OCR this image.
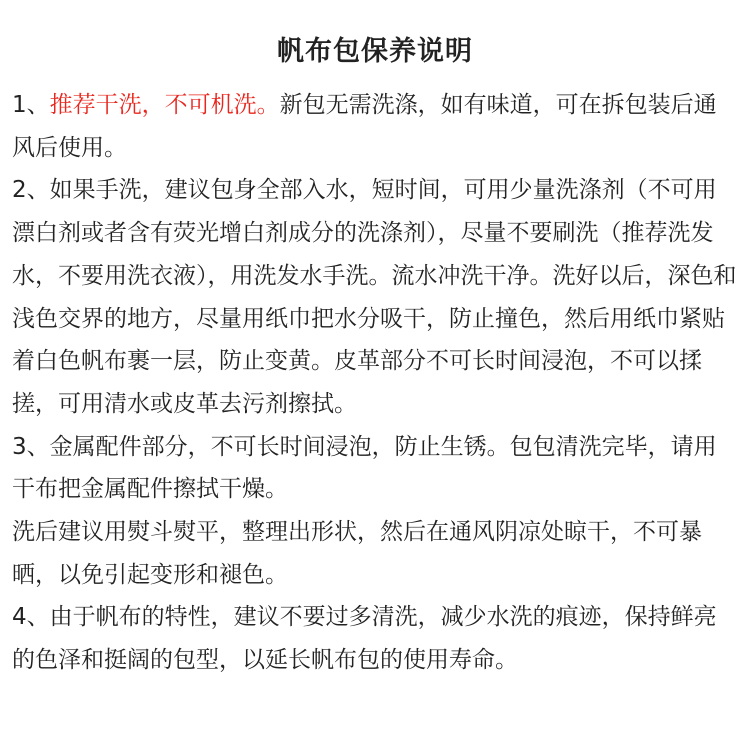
帆布包保养说明

1、推荐干洗，不可机洗。新包无需洗涤，如有味道，可在拆包装后通风后使用。

2、如果手洗，建议包身全部入水，短时间，可用少量洗涤剂（不可用漂白剂或者含有荧光增白剂成分的洗涤剂），尽量不要刷洗（推荐洗发水，不要用洗衣液），用洗发水手洗。流水冲洗干净。洗好以后，深色和浅色交界的地方，尽量用纸巾把水分吸干，防止撞色，然后用纸巾紧贴着白色帆布裹一层，防止变黄。皮革部分不可长时间浸泡，不可以揉搓，可用清水或皮革去污剂擦拭。

3、金属配件部分，不可长时间浸泡，防止生锈。包包清洗完毕，请用干布把金属配件擦拭干燥。

洗后建议用熨斗熨平，整理出形状，然后在通风阴凉处晾干，不可暴晒，以免引起变形和褪色。

4、由于帆布的特性，建议不要过多清洗，减少水洗的痕迹，保持鲜亮的色泽和挺阔的包型，以延长帆布包的使用寿命。
